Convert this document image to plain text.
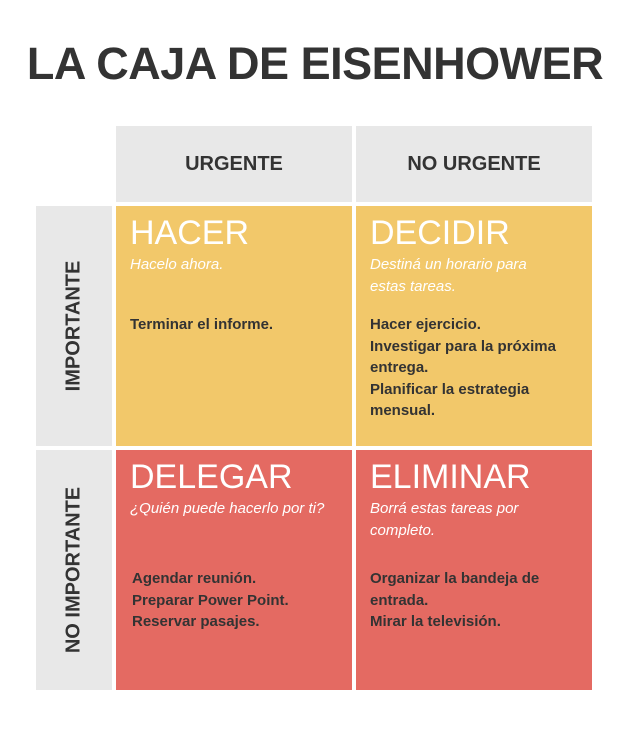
LA CAJA DE EISENHOWER
URGENTE	NO URGENTE
IMPORTANTE
NO IMPORTANTE
HACER
Hacelo ahora.
Terminar el informe.
DECIDIR
Destiná un horario para estas tareas.
Hacer ejercicio.
Investigar para la próxima entrega.
Planificar la estrategia mensual.
DELEGAR
¿Quién puede hacerlo por ti?
Agendar reunión.
Preparar Power Point.
Reservar pasajes.
ELIMINAR
Borrá estas tareas por completo.
Organizar la bandeja de entrada.
Mirar la televisión.
